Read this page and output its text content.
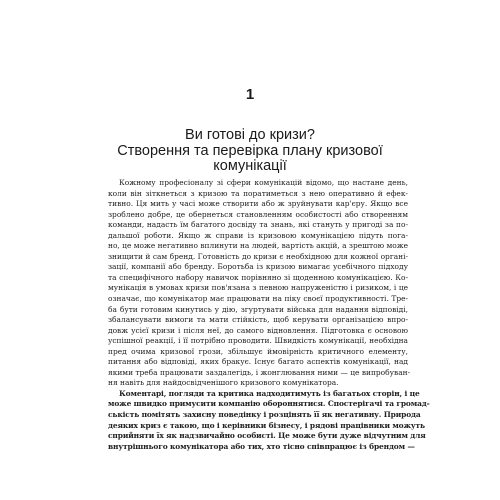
1
Ви готові до кризи?
Створення та перевірка плану кризової
комунікації
Кожному професіоналу зі сфери комунікацій відомо, що настане день,
коли він зіткнеться з кризою та поратиметься з нею оперативно й ефек-
тивно. Ця мить у часі може створити або ж зруйнувати кар'єру. Якщо все
зроблено добре, це обернеться становленням особистості або створенням
команди, надасть їм багатого досвіду та знань, які стануть у пригоді за по-
дальшої роботи. Якщо ж справи із кризовою комунікацією підуть пога-
но, це може негативно вплинути на людей, вартість акцій, а зрештою може
знищити й сам бренд. Готовність до кризи є необхідною для кожної органі-
зації, компанії або бренду. Боротьба із кризою вимагає усебічного підходу
та специфічного набору навичок порівняно зі щоденною комунікацією. Ко-
мунікація в умовах кризи пов'язана з певною напруженістю і ризиком, і це
означає, що комунікатор має працювати на піку своєї продуктивності. Тре-
ба бути готовим кинутись у дію, згуртувати війська для надання відповіді,
збалансувати вимоги та мати стійкість, щоб керувати організацією впро-
довж усієї кризи і після неї, до самого відновлення. Підготовка є основою
успішної реакції, і її потрібно проводити. Швидкість комунікації, необхідна
пред очима кризової грози, збільшує ймовірність критичного елементу,
питання або відповіді, яких бракує. Існує багато аспектів комунікації, над
якими треба працювати заздалегідь, і жонглювання ними — це випробуван-
ня навіть для найдосвідченішого кризового комунікатора.
Коментарі, погляди та критика надходитимуть із багатьох сторін, і це
може швидко примусити компанію обороннятися. Спостерігачі та громад-
ськість помітять захисну поведінку і розцінять її як негативну. Природа
деяких криз є такою, що і керівники бізнесу, і рядові працівники можуть
сприйняти їх як надзвичайно особисті. Це може бути дуже відчутним для
внутрішнього комунікатора або тих, хто тісно співпрацює із брендом —
